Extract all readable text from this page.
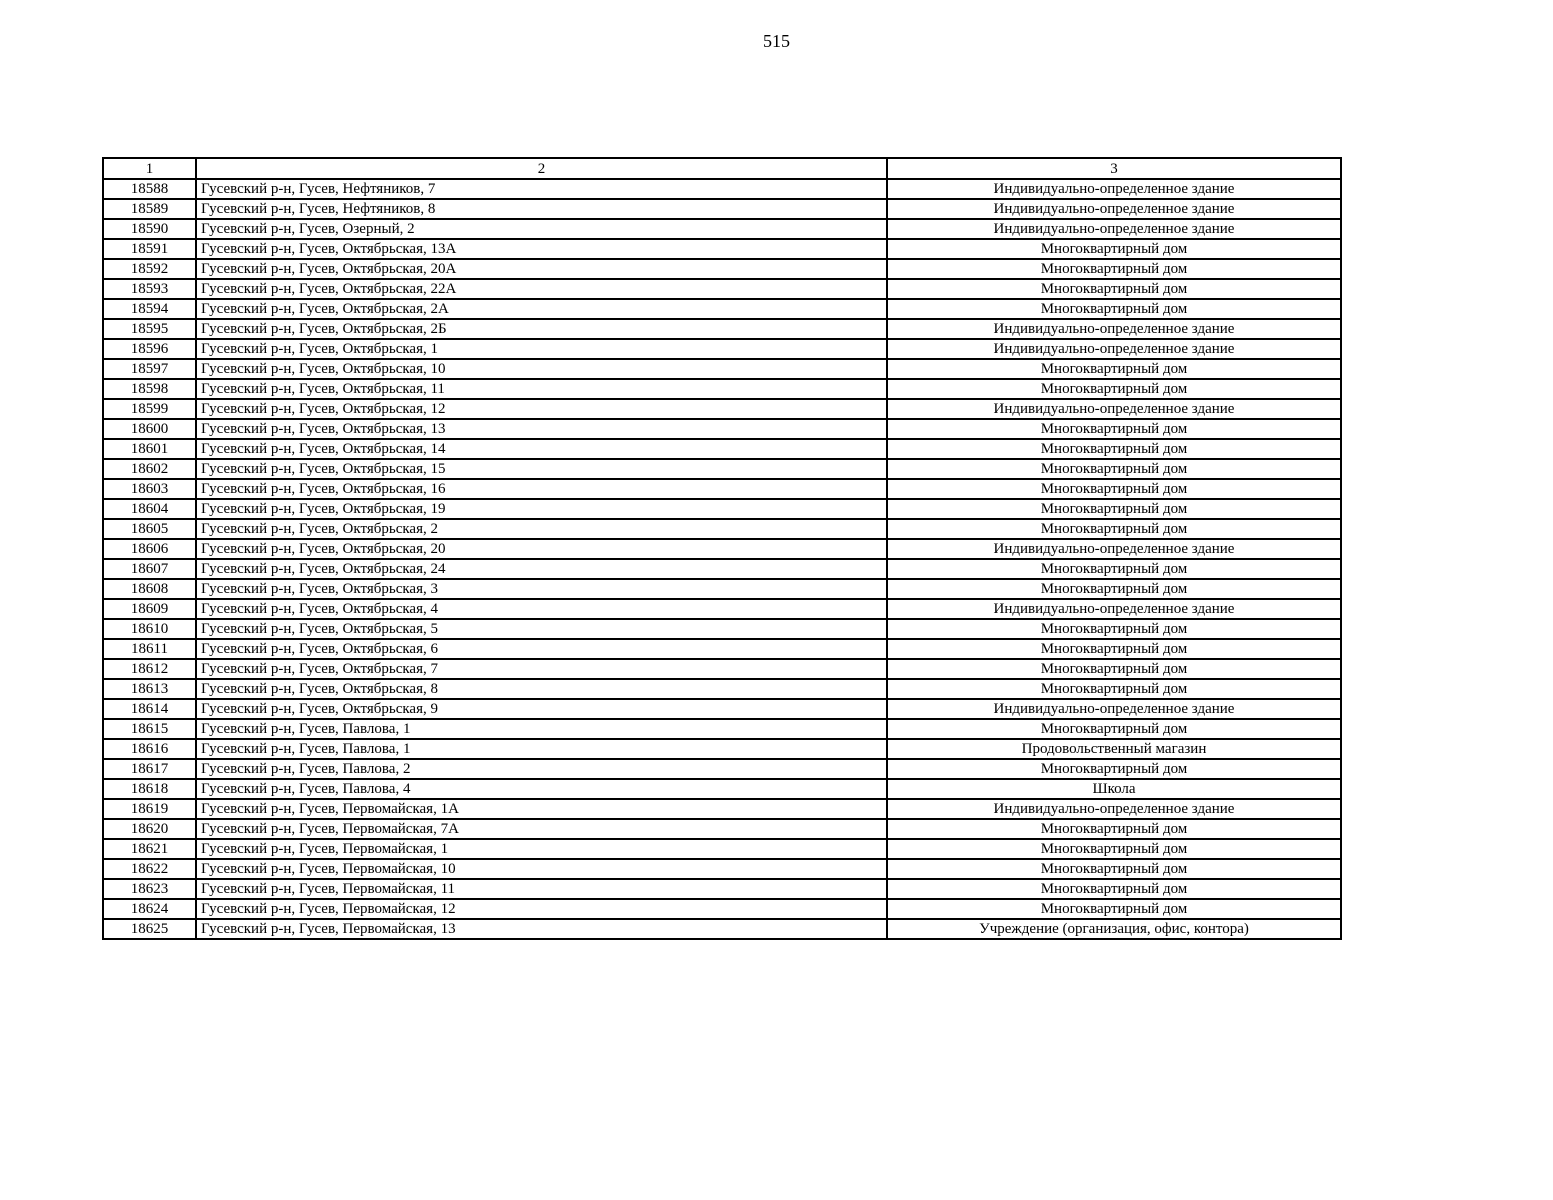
515
1	2	3
18588	Гусевский р-н, Гусев, Нефтяников, 7	Индивидуально-определенное здание
18589	Гусевский р-н, Гусев, Нефтяников, 8	Индивидуально-определенное здание
18590	Гусевский р-н, Гусев, Озерный, 2	Индивидуально-определенное здание
18591	Гусевский р-н, Гусев, Октябрьская, 13А	Многоквартирный дом
18592	Гусевский р-н, Гусев, Октябрьская, 20А	Многоквартирный дом
18593	Гусевский р-н, Гусев, Октябрьская, 22А	Многоквартирный дом
18594	Гусевский р-н, Гусев, Октябрьская, 2А	Многоквартирный дом
18595	Гусевский р-н, Гусев, Октябрьская, 2Б	Индивидуально-определенное здание
18596	Гусевский р-н, Гусев, Октябрьская, 1	Индивидуально-определенное здание
18597	Гусевский р-н, Гусев, Октябрьская, 10	Многоквартирный дом
18598	Гусевский р-н, Гусев, Октябрьская, 11	Многоквартирный дом
18599	Гусевский р-н, Гусев, Октябрьская, 12	Индивидуально-определенное здание
18600	Гусевский р-н, Гусев, Октябрьская, 13	Многоквартирный дом
18601	Гусевский р-н, Гусев, Октябрьская, 14	Многоквартирный дом
18602	Гусевский р-н, Гусев, Октябрьская, 15	Многоквартирный дом
18603	Гусевский р-н, Гусев, Октябрьская, 16	Многоквартирный дом
18604	Гусевский р-н, Гусев, Октябрьская, 19	Многоквартирный дом
18605	Гусевский р-н, Гусев, Октябрьская, 2	Многоквартирный дом
18606	Гусевский р-н, Гусев, Октябрьская, 20	Индивидуально-определенное здание
18607	Гусевский р-н, Гусев, Октябрьская, 24	Многоквартирный дом
18608	Гусевский р-н, Гусев, Октябрьская, 3	Многоквартирный дом
18609	Гусевский р-н, Гусев, Октябрьская, 4	Индивидуально-определенное здание
18610	Гусевский р-н, Гусев, Октябрьская, 5	Многоквартирный дом
18611	Гусевский р-н, Гусев, Октябрьская, 6	Многоквартирный дом
18612	Гусевский р-н, Гусев, Октябрьская, 7	Многоквартирный дом
18613	Гусевский р-н, Гусев, Октябрьская, 8	Многоквартирный дом
18614	Гусевский р-н, Гусев, Октябрьская, 9	Индивидуально-определенное здание
18615	Гусевский р-н, Гусев, Павлова, 1	Многоквартирный дом
18616	Гусевский р-н, Гусев, Павлова, 1	Продовольственный магазин
18617	Гусевский р-н, Гусев, Павлова, 2	Многоквартирный дом
18618	Гусевский р-н, Гусев, Павлова, 4	Школа
18619	Гусевский р-н, Гусев, Первомайская, 1А	Индивидуально-определенное здание
18620	Гусевский р-н, Гусев, Первомайская, 7А	Многоквартирный дом
18621	Гусевский р-н, Гусев, Первомайская, 1	Многоквартирный дом
18622	Гусевский р-н, Гусев, Первомайская, 10	Многоквартирный дом
18623	Гусевский р-н, Гусев, Первомайская, 11	Многоквартирный дом
18624	Гусевский р-н, Гусев, Первомайская, 12	Многоквартирный дом
18625	Гусевский р-н, Гусев, Первомайская, 13	Учреждение (организация, офис, контора)
